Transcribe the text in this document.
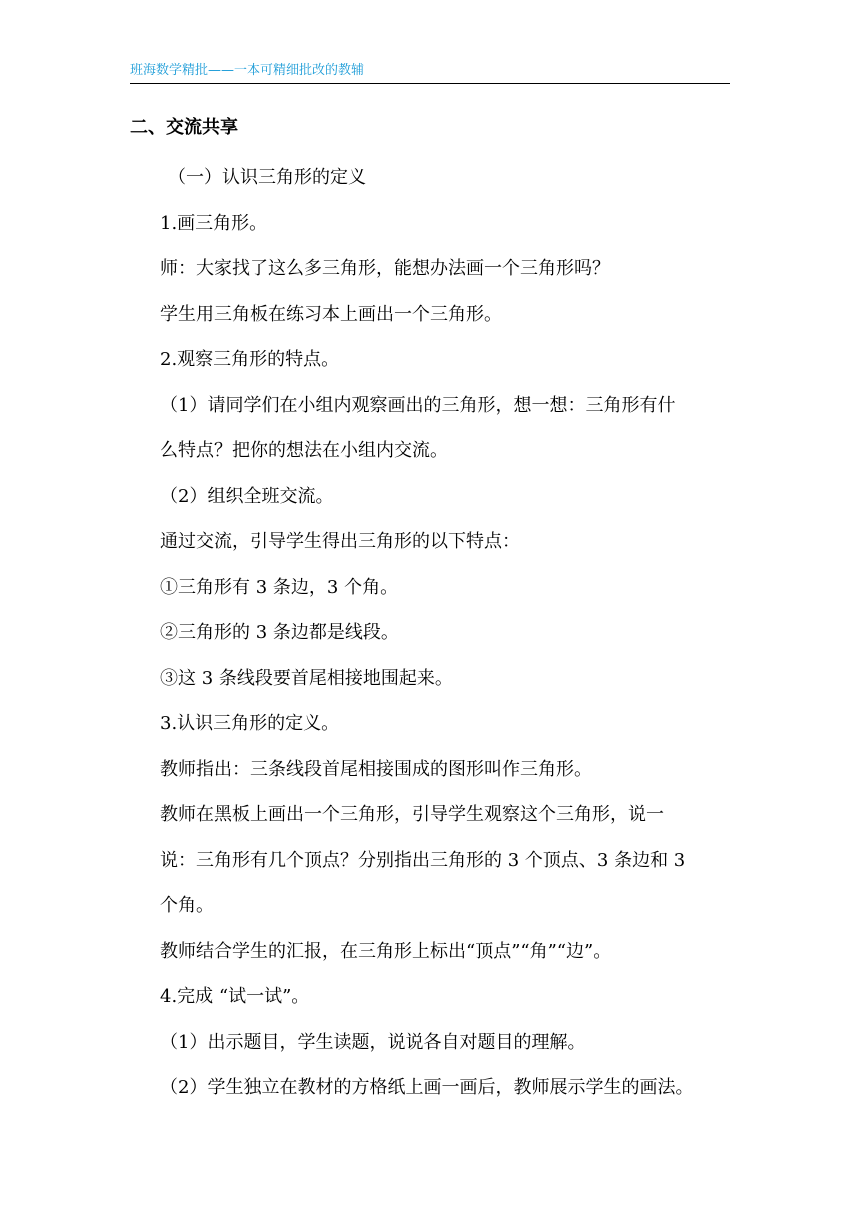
班海数学精批——一本可精细批改的教辅
二、交流共享

（一）认识三角形的定义

1.画三角形。

师：大家找了这么多三角形，能想办法画一个三角形吗？

学生用三角板在练习本上画出一个三角形。

2.观察三角形的特点。

（1）请同学们在小组内观察画出的三角形，想一想：三角形有什

么特点？把你的想法在小组内交流。

（2）组织全班交流。

通过交流，引导学生得出三角形的以下特点：

①三角形有 3 条边，3 个角。

②三角形的 3 条边都是线段。

③这 3 条线段要首尾相接地围起来。

3.认识三角形的定义。

教师指出：三条线段首尾相接围成的图形叫作三角形。

教师在黑板上画出一个三角形，引导学生观察这个三角形，说一

说：三角形有几个顶点？分别指出三角形的 3 个顶点、3 条边和 3

个角。

教师结合学生的汇报，在三角形上标出“顶点”“角”“边”。

4.完成 “试一试”。

（1）出示题目，学生读题，说说各自对题目的理解。

（2）学生独立在教材的方格纸上画一画后，教师展示学生的画法。
